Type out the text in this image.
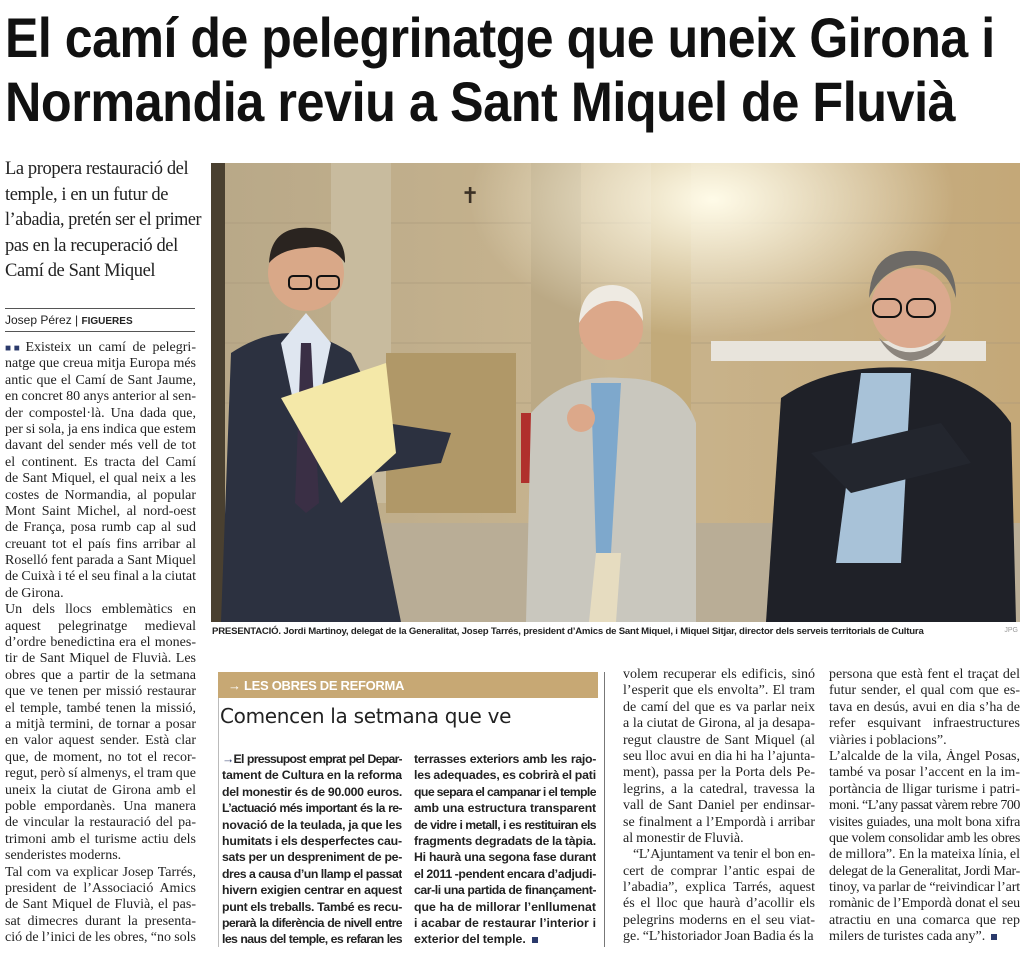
El camí de pelegrinatge que uneix Girona i
Normandia reviu a Sant Miquel de Fluvià
La propera restauració del
temple, i en un futur de
l’abadia, pretén ser el primer
pas en la recuperació del
Camí de Sant Miquel
Josep Pérez | FIGUERES
■■ Existeix un camí de pelegri-
natge que creua mitja Europa més
antic que el Camí de Sant Jaume,
en concret 80 anys anterior al sen-
der compostel·là. Una dada que,
per si sola, ja ens indica que estem
davant del sender més vell de tot
el continent. Es tracta del Camí
de Sant Miquel, el qual neix a les
costes de Normandia, al popular
Mont Saint Michel, al nord-oest
de França, posa rumb cap al sud
creuant tot el país fins arribar al
Roselló fent parada a Sant Miquel
de Cuixà i té el seu final a la ciutat
de Girona.
Un dels llocs emblemàtics en
aquest pelegrinatge medieval
d’ordre benedictina era el mones-
tir de Sant Miquel de Fluvià. Les
obres que a partir de la setmana
que ve tenen per missió restaurar
el temple, també tenen la missió,
a mitjà termini, de tornar a posar
en valor aquest sender. Està clar
que, de moment, no tot el recor-
regut, però sí almenys, el tram que
uneix la ciutat de Girona amb el
poble empordanès. Una manera
de vincular la restauració del pa-
trimoni amb el turisme actiu dels
senderistes moderns.
Tal com va explicar Josep Tarrés,
president de l’Associació Amics
de Sant Miquel de Fluvià, el pas-
sat dimecres durant la presenta-
ció de l’inici de les obres, “no sols
✝
PRESENTACIÓ. Jordi Martinoy, delegat de la Generalitat, Josep Tarrés, president d’Amics de Sant Miquel, i Miquel Sitjar, director dels serveis territorials de Cultura	JPG
→ LES OBRES DE REFORMA
Comencen la setmana que ve
→El pressupost emprat pel Depar-
tament de Cultura en la reforma
del monestir és de 90.000 euros.
L’actuació més important és la re-
novació de la teulada, ja que les
humitats i els desperfectes cau-
sats per un despreniment de pe-
dres a causa d’un llamp el passat
hivern exigien centrar en aquest
punt els treballs. També es recu-
perarà la diferència de nivell entre
les naus del temple, es refaran les
terrasses exteriors amb les rajo-
les adequades, es cobrirà el pati
que separa el campanar i el temple
amb una estructura transparent
de vidre i metall, i es restituiran els
fragments degradats de la tàpia.
Hi haurà una segona fase durant
el 2011 -pendent encara d’adjudi-
car-li una partida de finançament-
que ha de millorar l’enllumenat
i acabar de restaurar l’interior i
exterior del temple.
volem recuperar els edificis, sinó
l’esperit que els envolta”. El tram
de camí del que es va parlar neix
a la ciutat de Girona, al ja desapa-
regut claustre de Sant Miquel (al
seu lloc avui en dia hi ha l’ajunta-
ment), passa per la Porta dels Pe-
legrins, a la catedral, travessa la
vall de Sant Daniel per endinsar-
se finalment a l’Empordà i arribar
al monestir de Fluvià.
“L’Ajuntament va tenir el bon en-
cert de comprar l’antic espai de
l’abadia”, explica Tarrés, aquest
és el lloc que haurà d’acollir els
pelegrins moderns en el seu viat-
ge. “L’historiador Joan Badia és la
persona que està fent el traçat del
futur sender, el qual com que es-
tava en desús, avui en dia s’ha de
refer esquivant infraestructures
viàries i poblacions”.
L’alcalde de la vila, Àngel Posas,
també va posar l’accent en la im-
portància de lligar turisme i patri-
moni. “L’any passat vàrem rebre 700
visites guiades, una molt bona xifra
que volem consolidar amb les obres
de millora”. En la mateixa línia, el
delegat de la Generalitat, Jordi Mar-
tinoy, va parlar de “reivindicar l’art
romànic de l’Empordà donat el seu
atractiu en una comarca que rep
milers de turistes cada any”.
